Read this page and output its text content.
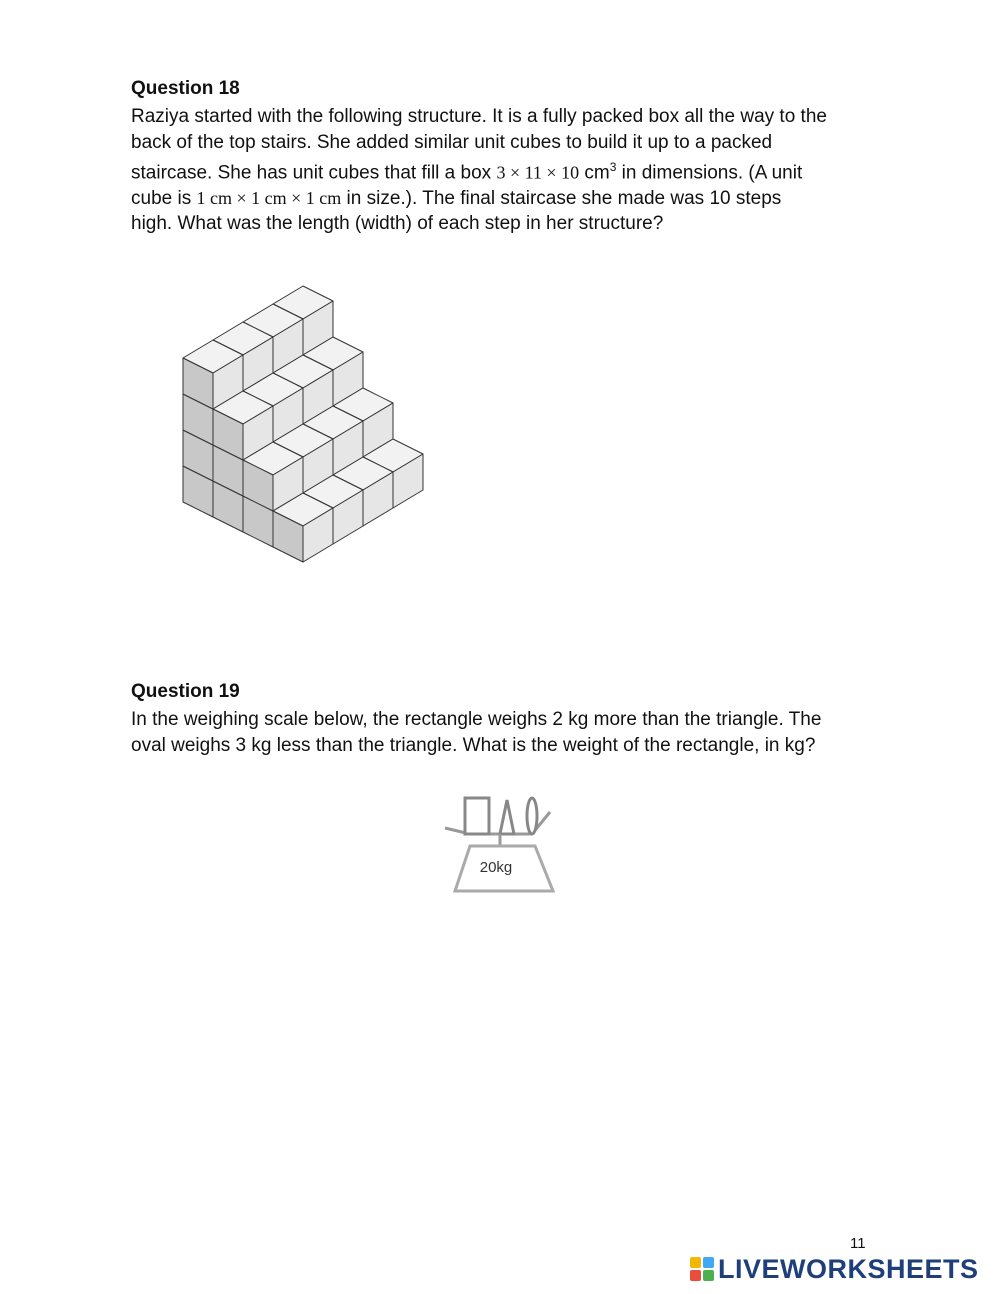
Question 18
Raziya started with the following structure. It is a fully packed box all the way to the
back of the top stairs. She added similar unit cubes to build it up to a packed
staircase. She has unit cubes that fill a box 3 × 11 × 10 $cm^3$ in dimensions. (A unit
cube is 1 cm × 1 cm × 1 cm in size.). The final staircase she made was 10 steps
high. What was the length (width) of each step in her structure?
Question 19
In the weighing scale below, the rectangle weighs 2 kg more than the triangle. The
oval weighs 3 kg less than the triangle. What is the weight of the rectangle, in kg?
20kg
11
LIVEWORKSHEETS
